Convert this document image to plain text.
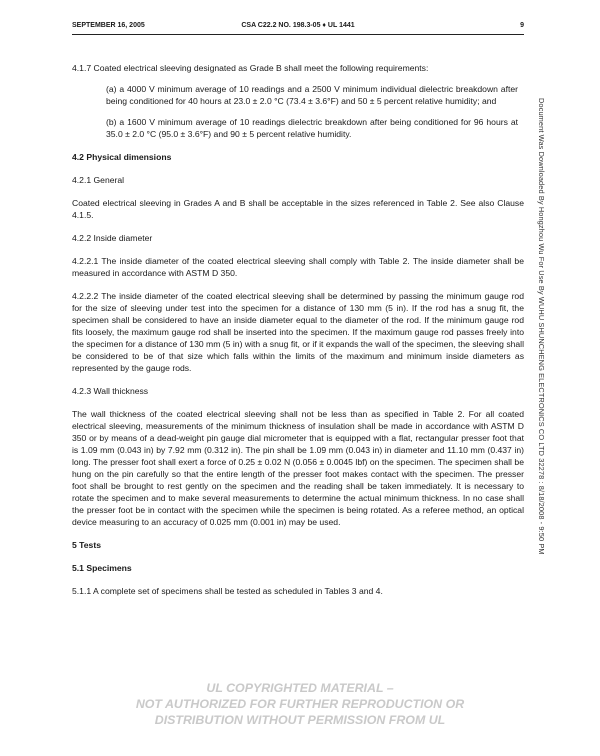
SEPTEMBER 16, 2005	CSA C22.2 NO. 198.3-05 ♦ UL 1441	9

4.1.7 Coated electrical sleeving designated as Grade B shall meet the following requirements:

(a) a 4000 V minimum average of 10 readings and a 2500 V minimum individual dielectric breakdown after being conditioned for 40 hours at 23.0 ± 2.0 °C (73.4 ± 3.6°F) and 50 ± 5 percent relative humidity; and

(b) a 1600 V minimum average of 10 readings dielectric breakdown after being conditioned for 96 hours at 35.0 ± 2.0 °C (95.0 ± 3.6°F) and 90 ± 5 percent relative humidity.

4.2 Physical dimensions

4.2.1 General

Coated electrical sleeving in Grades A and B shall be acceptable in the sizes referenced in Table 2. See also Clause 4.1.5.

4.2.2 Inside diameter

4.2.2.1 The inside diameter of the coated electrical sleeving shall comply with Table 2. The inside diameter shall be measured in accordance with ASTM D 350.

4.2.2.2 The inside diameter of the coated electrical sleeving shall be determined by passing the minimum gauge rod for the size of sleeving under test into the specimen for a distance of 130 mm (5 in). If the rod has a snug fit, the specimen shall be considered to have an inside diameter equal to the diameter of the rod. If the minimum gauge rod fits loosely, the maximum gauge rod shall be inserted into the specimen. If the maximum gauge rod passes freely into the specimen for a distance of 130 mm (5 in) with a snug fit, or if it expands the wall of the specimen, the sleeving shall be considered to be of that size which falls within the limits of the maximum and minimum inside diameters as represented by the gauge rods.

4.2.3 Wall thickness

The wall thickness of the coated electrical sleeving shall not be less than as specified in Table 2. For all coated electrical sleeving, measurements of the minimum thickness of insulation shall be made in accordance with ASTM D 350 or by means of a dead-weight pin gauge dial micrometer that is equipped with a flat, rectangular presser foot that is 1.09 mm (0.043 in) by 7.92 mm (0.312 in). The pin shall be 1.09 mm (0.043 in) in diameter and 11.10 mm (0.437 in) long. The presser foot shall exert a force of 0.25 ± 0.02 N (0.056 ± 0.0045 lbf) on the specimen. The specimen shall be hung on the pin carefully so that the entire length of the presser foot makes contact with the specimen. The presser foot shall be brought to rest gently on the specimen and the reading shall be taken immediately. It is necessary to rotate the specimen and to make several measurements to determine the actual minimum thickness. In no case shall the presser foot be in contact with the specimen while the specimen is being rotated. As a referee method, an optical device measuring to an accuracy of 0.025 mm (0.001 in) may be used.

5 Tests

5.1 Specimens

5.1.1 A complete set of specimens shall be tested as scheduled in Tables 3 and 4.

Document Was Downloaded By Hongzhou Wu For Use By WUHU SHUNCHENG ELECTRONICS CO LTD 32278 : 8/18/2008 - 9:50 PM
UL COPYRIGHTED MATERIAL –
NOT AUTHORIZED FOR FURTHER REPRODUCTION OR
DISTRIBUTION WITHOUT PERMISSION FROM UL
